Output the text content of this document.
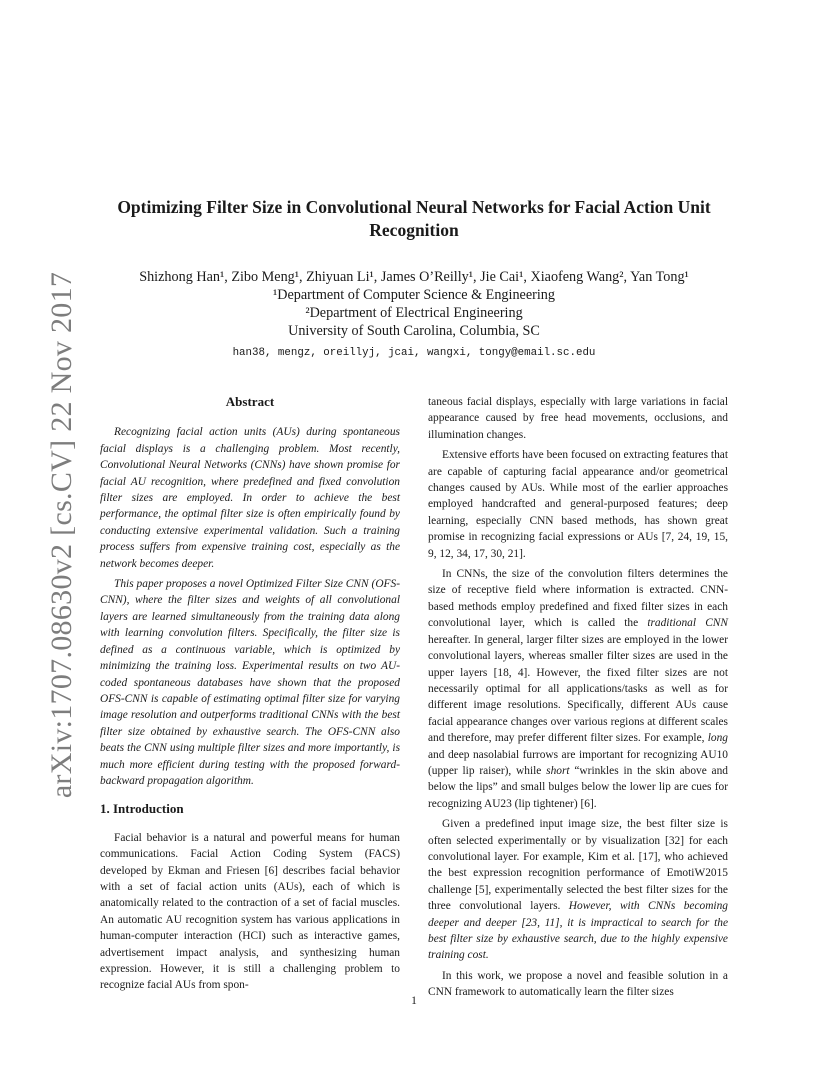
arXiv:1707.08630v2 [cs.CV] 22 Nov 2017
Optimizing Filter Size in Convolutional Neural Networks for Facial Action Unit
Recognition
Shizhong Han¹, Zibo Meng¹, Zhiyuan Li¹, James O’Reilly¹, Jie Cai¹, Xiaofeng Wang², Yan Tong¹
¹Department of Computer Science & Engineering
²Department of Electrical Engineering
University of South Carolina, Columbia, SC
han38, mengz, oreillyj, jcai, wangxi, tongy@email.sc.edu
Abstract

Recognizing facial action units (AUs) during spontaneous facial displays is a challenging problem. Most recently, Convolutional Neural Networks (CNNs) have shown promise for facial AU recognition, where predefined and fixed convolution filter sizes are employed. In order to achieve the best performance, the optimal filter size is often empirically found by conducting extensive experimental validation. Such a training process suffers from expensive training cost, especially as the network becomes deeper.

This paper proposes a novel Optimized Filter Size CNN (OFS-CNN), where the filter sizes and weights of all convolutional layers are learned simultaneously from the training data along with learning convolution filters. Specifically, the filter size is defined as a continuous variable, which is optimized by minimizing the training loss. Experimental results on two AU-coded spontaneous databases have shown that the proposed OFS-CNN is capable of estimating optimal filter size for varying image resolution and outperforms traditional CNNs with the best filter size obtained by exhaustive search. The OFS-CNN also beats the CNN using multiple filter sizes and more importantly, is much more efficient during testing with the proposed forward-backward propagation algorithm.

1. Introduction

Facial behavior is a natural and powerful means for human communications. Facial Action Coding System (FACS) developed by Ekman and Friesen [6] describes facial behavior with a set of facial action units (AUs), each of which is anatomically related to the contraction of a set of facial muscles. An automatic AU recognition system has various applications in human-computer interaction (HCI) such as interactive games, advertisement impact analysis, and synthesizing human expression. However, it is still a challenging problem to recognize facial AUs from spon-

taneous facial displays, especially with large variations in facial appearance caused by free head movements, occlusions, and illumination changes.

Extensive efforts have been focused on extracting features that are capable of capturing facial appearance and/or geometrical changes caused by AUs. While most of the earlier approaches employed handcrafted and general-purposed features; deep learning, especially CNN based methods, has shown great promise in recognizing facial expressions or AUs [7, 24, 19, 15, 9, 12, 34, 17, 30, 21].

In CNNs, the size of the convolution filters determines the size of receptive field where information is extracted. CNN-based methods employ predefined and fixed filter sizes in each convolutional layer, which is called the traditional CNN hereafter. In general, larger filter sizes are employed in the lower convolutional layers, whereas smaller filter sizes are used in the upper layers [18, 4]. However, the fixed filter sizes are not necessarily optimal for all applications/tasks as well as for different image resolutions. Specifically, different AUs cause facial appearance changes over various regions at different scales and therefore, may prefer different filter sizes. For example, long and deep nasolabial furrows are important for recognizing AU10 (upper lip raiser), while short “wrinkles in the skin above and below the lips” and small bulges below the lower lip are cues for recognizing AU23 (lip tightener) [6].

Given a predefined input image size, the best filter size is often selected experimentally or by visualization [32] for each convolutional layer. For example, Kim et al. [17], who achieved the best expression recognition performance of EmotiW2015 challenge [5], experimentally selected the best filter sizes for the three convolutional layers. However, with CNNs becoming deeper and deeper [23, 11], it is impractical to search for the best filter size by exhaustive search, due to the highly expensive training cost.

In this work, we propose a novel and feasible solution in a CNN framework to automatically learn the filter sizes

1
